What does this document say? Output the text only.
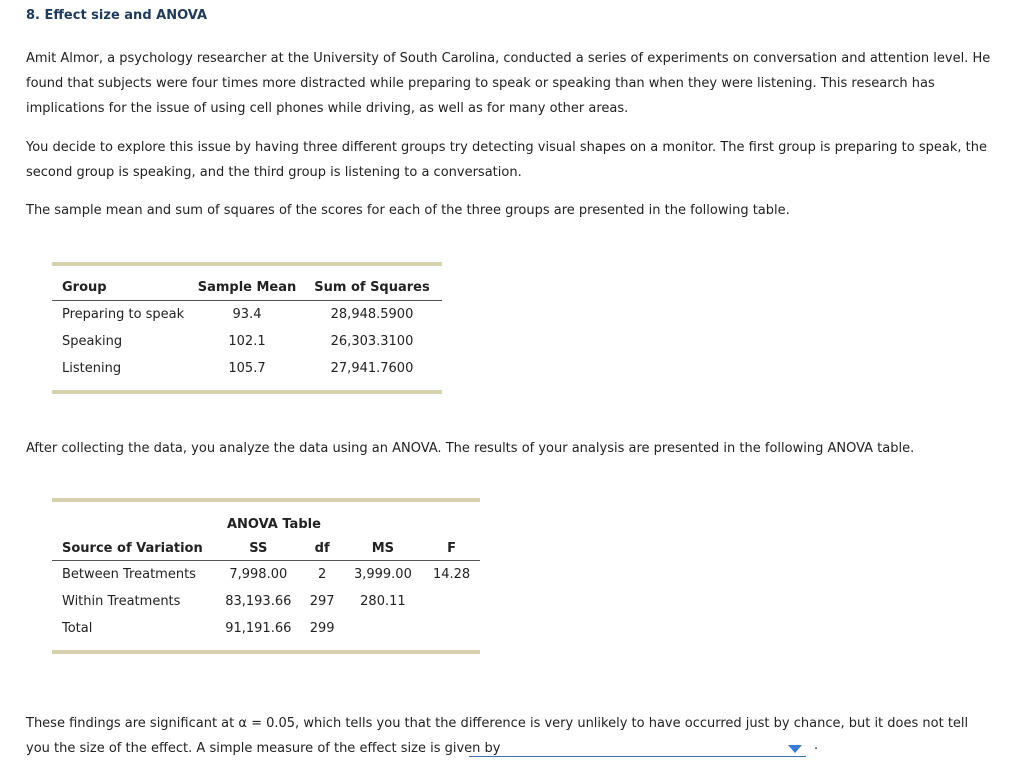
8. Effect size and ANOVA
Amit Almor, a psychology researcher at the University of South Carolina, conducted a series of experiments on conversation and attention level. He found that subjects were four times more distracted while preparing to speak or speaking than when they were listening. This research has implications for the issue of using cell phones while driving, as well as for many other areas.
You decide to explore this issue by having three different groups try detecting visual shapes on a monitor. The first group is preparing to speak, the second group is speaking, and the third group is listening to a conversation.
The sample mean and sum of squares of the scores for each of the three groups are presented in the following table.
Group	Sample Mean	Sum of Squares
Preparing to speak	93.4	28,948.5900
Speaking	102.1	26,303.3100
Listening	105.7	27,941.7600
After collecting the data, you analyze the data using an ANOVA. The results of your analysis are presented in the following ANOVA table.
	ANOVA Table			
Source of Variation	SS	df	MS	F
Between Treatments	7,998.00	2	3,999.00	14.28
Within Treatments	83,193.66	297	280.11	
Total	91,191.66	299		
These findings are significant at α = 0.05, which tells you that the difference is very unlikely to have occurred just by chance, but it does not tell you the size of the effect. A simple measure of the effect size is given by	.
